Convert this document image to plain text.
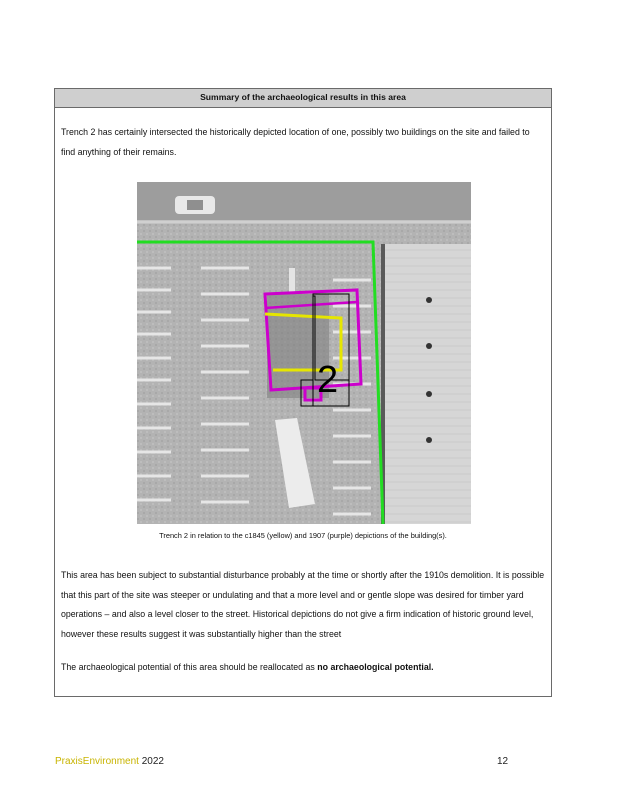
Summary of the archaeological results in this area

Trench 2 has certainly intersected the historically depicted location of one, possibly two buildings on the site and failed to find anything of their remains.

2
Trench 2 in relation to the c1845 (yellow) and 1907 (purple) depictions of the building(s).

This area has been subject to substantial disturbance probably at the time or shortly after the 1910s demolition. It is possible that this part of the site was steeper or undulating and that a more level and or gentle slope was desired for timber yard operations – and also a level closer to the street. Historical depictions do not give a firm indication of historic ground level, however these results suggest it was substantially higher than the street

The archaeological potential of this area should be reallocated as no archaeological potential.

PraxisEnvironment 2022	12
